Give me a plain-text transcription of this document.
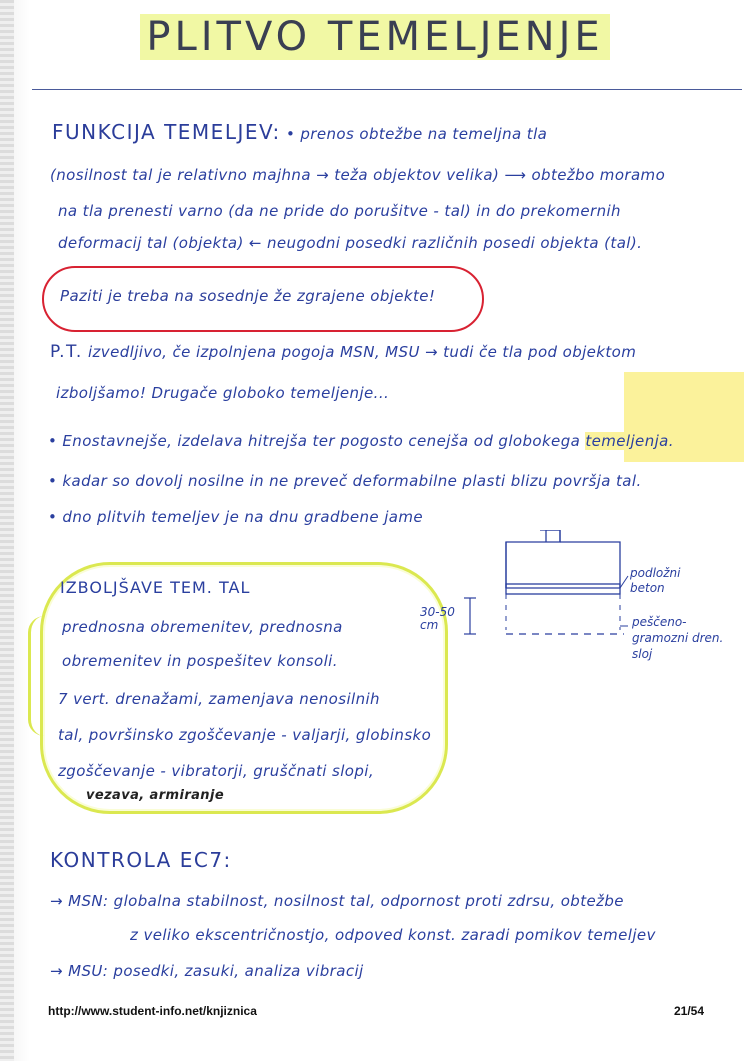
PLITVO TEMELJENJE
FUNKCIJA TEMELJEV: • prenos obtežbe na temeljna tla
(nosilnost tal je relativno majhna → teža objektov velika) ⟶ obtežbo moramo
na tla prenesti varno (da ne pride do porušitve - tal) in do prekomernih
deformacij tal (objekta) ← neugodni posedki različnih posedi objekta (tal).
Paziti je treba na sosednje že zgrajene objekte!
P.T. izvedljivo, če izpolnjena pogoja MSN, MSU → tudi če tla pod objektom
izboljšamo! Drugače globoko temeljenje...
• Enostavnejše, izdelava hitrejša ter pogosto cenejša od globokega temeljenja.
• kadar so dovolj nosilne in ne preveč deformabilne plasti blizu površja tal.
• dno plitvih temeljev je na dnu gradbene jame
IZBOLJŠAVE TEM. TAL
prednosna obremenitev, prednosna
obremenitev in pospešitev konsoli.
7 vert. drenažami, zamenjava nenosilnih
tal, površinsko zgoščevanje - valjarji, globinsko
zgoščevanje - vibratorji, gruščnati slopi,
vezava, armiranje
30-50
cm
podložni
beton
peščeno-
gramozni dren.
sloj
KONTROLA EC7:
→ MSN: globalna stabilnost, nosilnost tal, odpornost proti zdrsu, obtežbe
z veliko ekscentričnostjo, odpoved konst. zaradi pomikov temeljev
→ MSU: posedki, zasuki, analiza vibracij
http://www.student-info.net/knjiznica	21/54
